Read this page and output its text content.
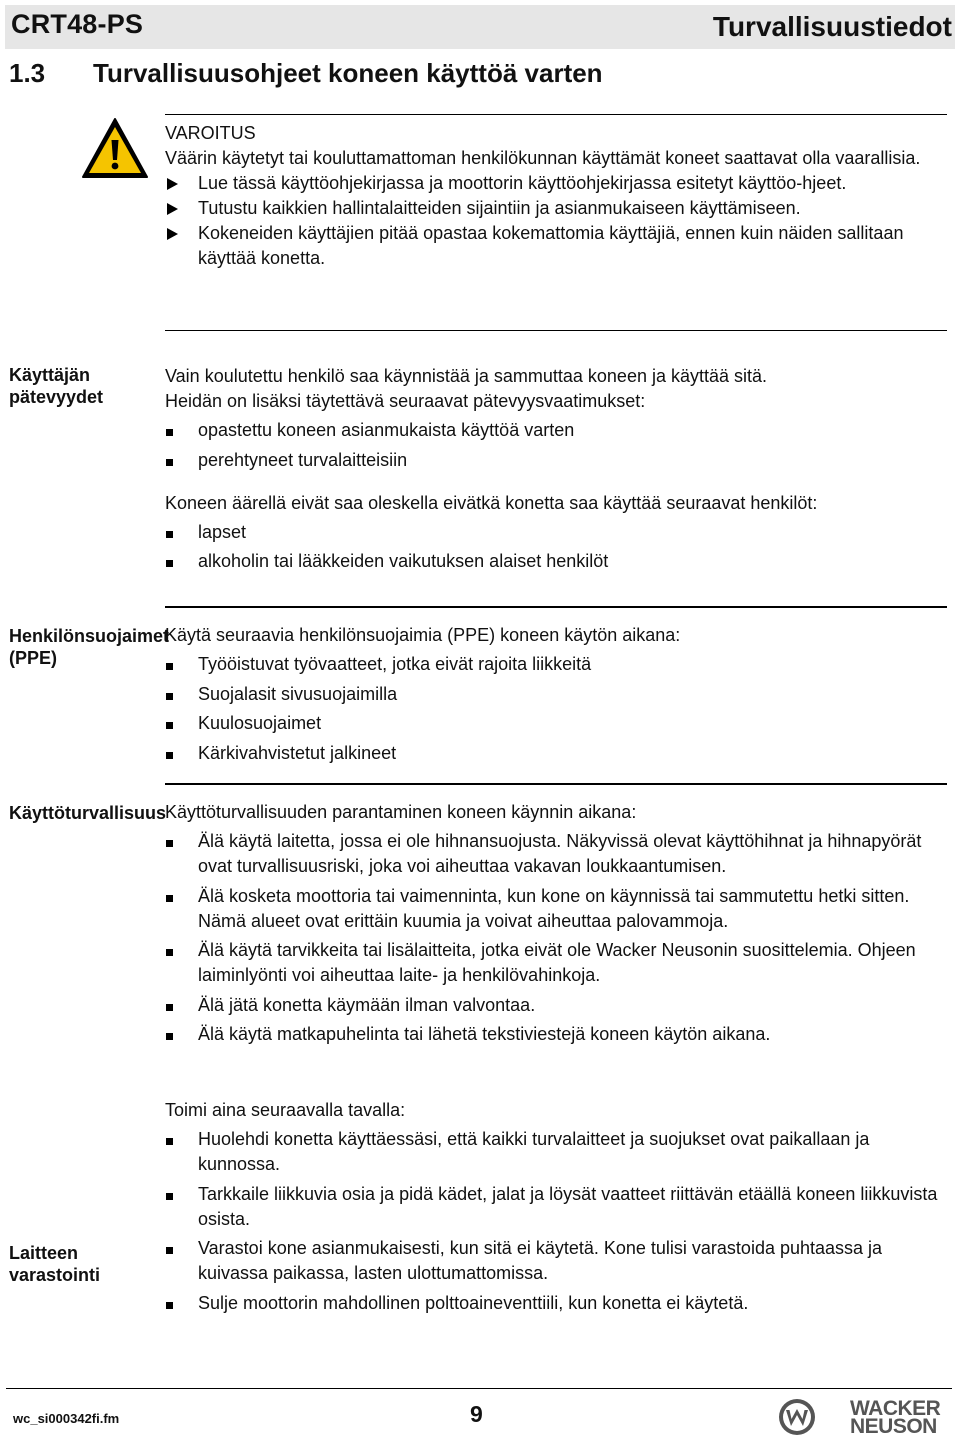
CRT48-PS	Turvallisuustiedot
1.3 Turvallisuusohjeet koneen käyttöä varten
VAROITUS
Väärin käytetyt tai kouluttamattoman henkilökunnan käyttämät koneet saattavat olla vaarallisia.
Lue tässä käyttöohjekirjassa ja moottorin käyttöohjekirjassa esitetyt käyttöo-hjeet.
Tutustu kaikkien hallintalaitteiden sijaintiin ja asianmukaiseen käyttämiseen.
Kokeneiden käyttäjien pitää opastaa kokemattomia käyttäjiä, ennen kuin näiden sallitaan käyttää konetta.
Käyttäjän pätevyydet
Vain koulutettu henkilö saa käynnistää ja sammuttaa koneen ja käyttää sitä.
Heidän on lisäksi täytettävä seuraavat pätevyysvaatimukset:
opastettu koneen asianmukaista käyttöä varten
perehtyneet turvalaitteisiin
Koneen äärellä eivät saa oleskella eivätkä konetta saa käyttää seuraavat henkilöt:
lapset
alkoholin tai lääkkeiden vaikutuksen alaiset henkilöt
Henkilönsuojaimet (PPE)
Käytä seuraavia henkilönsuojaimia (PPE) koneen käytön aikana:
Työöistuvat työvaatteet, jotka eivät rajoita liikkeitä
Suojalasit sivusuojaimilla
Kuulosuojaimet
Kärkivahvistetut jalkineet
Käyttöturvallisuus
Käyttöturvallisuuden parantaminen koneen käynnin aikana:
Älä käytä laitetta, jossa ei ole hihnansuojusta. Näkyvissä olevat käyttöhihnat ja hihnapyörät ovat turvallisuusriski, joka voi aiheuttaa vakavan loukkaantumisen.
Älä kosketa moottoria tai vaimenninta, kun kone on käynnissä tai sammutettu hetki sitten. Nämä alueet ovat erittäin kuumia ja voivat aiheuttaa palovammoja.
Älä käytä tarvikkeita tai lisälaitteita, jotka eivät ole Wacker Neusonin suosittelemia. Ohjeen laiminlyönti voi aiheuttaa laite- ja henkilövahinkoja.
Älä jätä konetta käymään ilman valvontaa.
Älä käytä matkapuhelinta tai lähetä tekstiviestejä koneen käytön aikana.
Toimi aina seuraavalla tavalla:
Huolehdi konetta käyttäessäsi, että kaikki turvalaitteet ja suojukset ovat paikallaan ja kunnossa.
Tarkkaile liikkuvia osia ja pidä kädet, jalat ja löysät vaatteet riittävän etäällä koneen liikkuvista osista.
Varastoi kone asianmukaisesti, kun sitä ei käytetä. Kone tulisi varastoida puhtaassa ja kuivassa paikassa, lasten ulottumattomissa.
Sulje moottorin mahdollinen polttoaineventtiili, kun konetta ei käytetä.
Laitteen varastointi
wc_si000342fi.fm	9	WACKER
NEUSON
